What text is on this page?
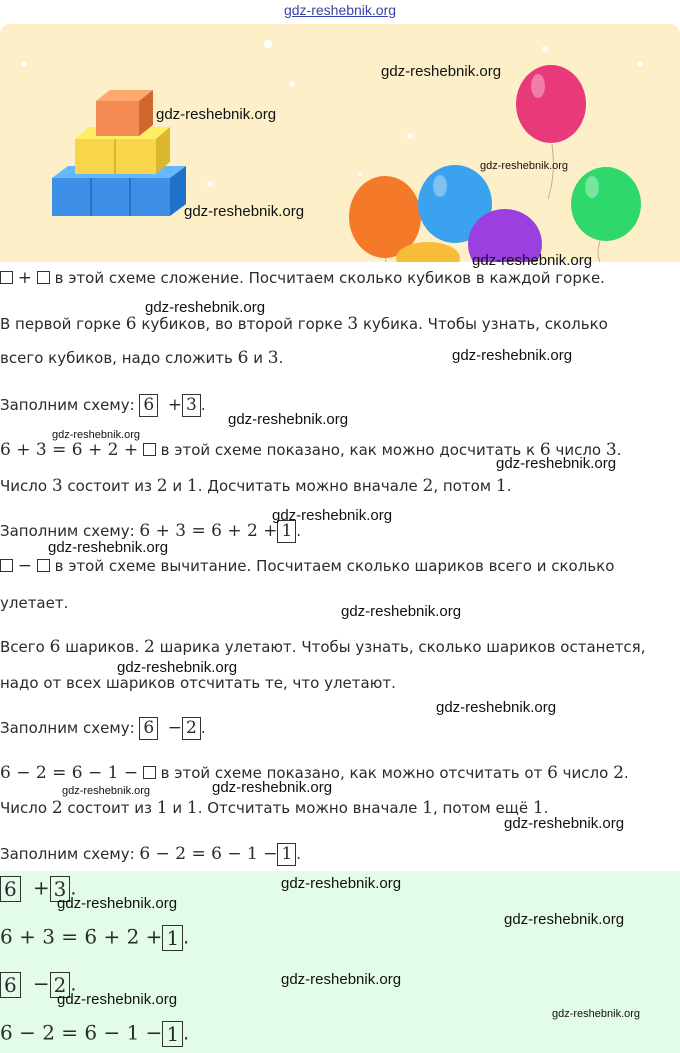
gdz-reshebnik.org
gdz-reshebnik.org
gdz-reshebnik.org
gdz-reshebnik.org
gdz-reshebnik.org
gdz-reshebnik.org
gdz-reshebnik.org
gdz-reshebnik.org
gdz-reshebnik.org
gdz-reshebnik.org
gdz-reshebnik.org
gdz-reshebnik.org
gdz-reshebnik.org
gdz-reshebnik.org
gdz-reshebnik.org
gdz-reshebnik.org
gdz-reshebnik.org
gdz-reshebnik.org
gdz-reshebnik.org
+ в этой схеме сложение. Посчитаем сколько кубиков в каждой горке.
В первой горке 6 кубиков, во второй горке 3 кубика. Чтобы узнать, сколько
всего кубиков, надо сложить 6 и 3.
Заполним схему: 6 + 3 .
6 + 3 = 6 + 2 + в этой схеме показано, как можно досчитать к 6 число 3.
Число 3 состоит из 2 и 1. Досчитать можно вначале 2, потом 1.
Заполним схему: 6 + 3 = 6 + 2 + 1 .
− в этой схеме вычитание. Посчитаем сколько шариков всего и сколько
улетает.
Всего 6 шариков. 2 шарика улетают. Чтобы узнать, сколько шариков останется,
надо от всех шариков отсчитать те, что улетают.
Заполним схему: 6 − 2 .
6 − 2 = 6 − 1 − в этой схеме показано, как можно отсчитать от 6 число 2.
Число 2 состоит из 1 и 1. Отсчитать можно вначале 1, потом ещё 1.
Заполним схему: 6 − 2 = 6 − 1 − 1 .
6 + 3 .
6 + 3 = 6 + 2 + 1 .
6 − 2 .
6 − 2 = 6 − 1 − 1 .
gdz-reshebnik.org
gdz-reshebnik.org
gdz-reshebnik.org
gdz-reshebnik.org
gdz-reshebnik.org
gdz-reshebnik.org
